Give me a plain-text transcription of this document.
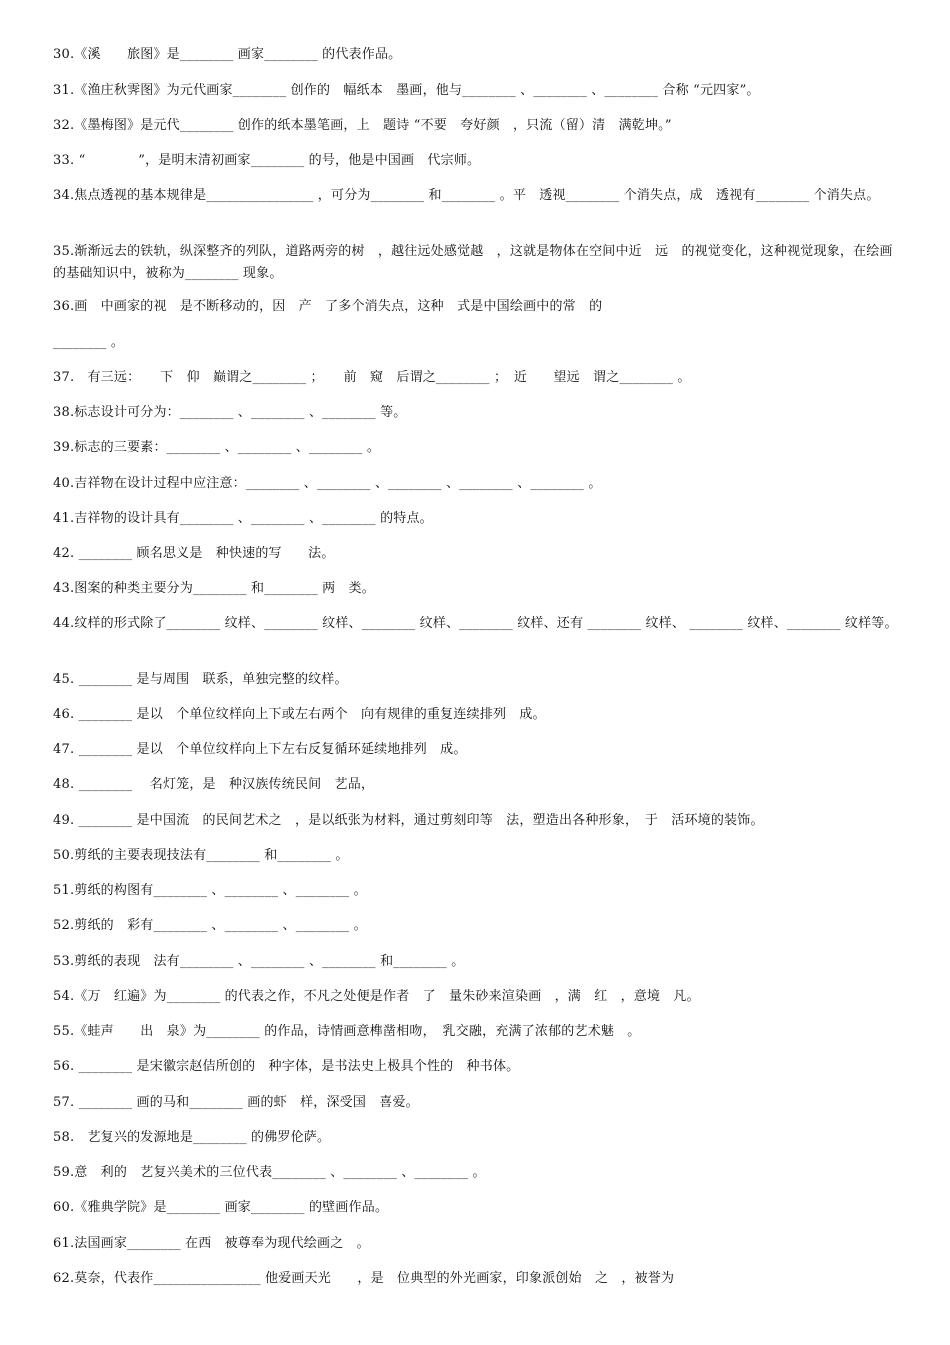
30.《溪　　旅图》是________ 画家________ 的代表作品。
31.《渔庄秋霁图》为元代画家________ 创作的　幅纸本　墨画，他与________ 、________ 、________ 合称 “元四家”。
32.《墨梅图》是元代________ 创作的纸本墨笔画，上　题诗 “不要　夸好颜　，只流（留）清　满乾坤。”
33. “　　　　”，是明末清初画家________ 的号，他是中国画　代宗师。
34.焦点透视的基本规律是________________ ，可分为________ 和________ 。平　透视________ 个消失点，成　透视有________ 个消失点。
35.渐渐远去的铁轨，纵深整齐的列队，道路两旁的树　，越往远处感觉越　，这就是物体在空间中近　远　的视觉变化，这种视觉现象，在绘画的基础知识中，被称为________ 现象。
36.画　中画家的视　是不断移动的，因　产　了多个消失点，这种　式是中国绘画中的常　的
________ 。
37.　有三远：　　下　仰　巅谓之________ ；　　前　窥　后谓之________ ；　近　　望远　谓之________ 。
38.标志设计可分为：________ 、________ 、________ 等。
39.标志的三要素：________ 、________ 、________ 。
40.吉祥物在设计过程中应注意：________ 、________ 、________ 、________ 、________ 。
41.吉祥物的设计具有________ 、________ 、________ 的特点。
42. ________ 顾名思义是　种快速的写　　法。
43.图案的种类主要分为________ 和________ 两　类。
44.纹样的形式除了________ 纹样、________ 纹样、________ 纹样、________ 纹样、还有 ________ 纹样、 ________ 纹样、________ 纹样等。
45. ________ 是与周围　联系，单独完整的纹样。
46. ________ 是以　个单位纹样向上下或左右两个　向有规律的重复连续排列　成。
47. ________ 是以　个单位纹样向上下左右反复循环延续地排列　成。
48. ________ 　名灯笼，是　种汉族传统民间　艺品，
49. ________ 是中国流　的民间艺术之　，是以纸张为材料，通过剪刻印等　法，塑造出各种形象，　于　活环境的装饰。
50.剪纸的主要表现技法有________ 和________ 。
51.剪纸的构图有________ 、________ 、________ 。
52.剪纸的　彩有________ 、________ 、________ 。
53.剪纸的表现　法有________ 、________ 、________ 和________ 。
54.《万　红遍》为________ 的代表之作，不凡之处便是作者　了　量朱砂来渲染画　，满　红　，意境　凡。
55.《蛙声　　出　泉》为________ 的作品，诗情画意榫凿相吻，　乳交融，充满了浓郁的艺术魅　。
56. ________ 是宋徽宗赵佶所创的　种字体，是书法史上极具个性的　种书体。
57. ________ 画的马和________ 画的虾　样，深受国　喜爱。
58.　艺复兴的发源地是________ 的佛罗伦萨。
59.意　利的　艺复兴美术的三位代表________ 、________ 、________ 。
60.《雅典学院》是________ 画家________ 的壁画作品。
61.法国画家________ 在西　被尊奉为现代绘画之　。
62.莫奈，代表作________________ 他爱画天光　　，是　位典型的外光画家，印象派创始　之　，被誉为
